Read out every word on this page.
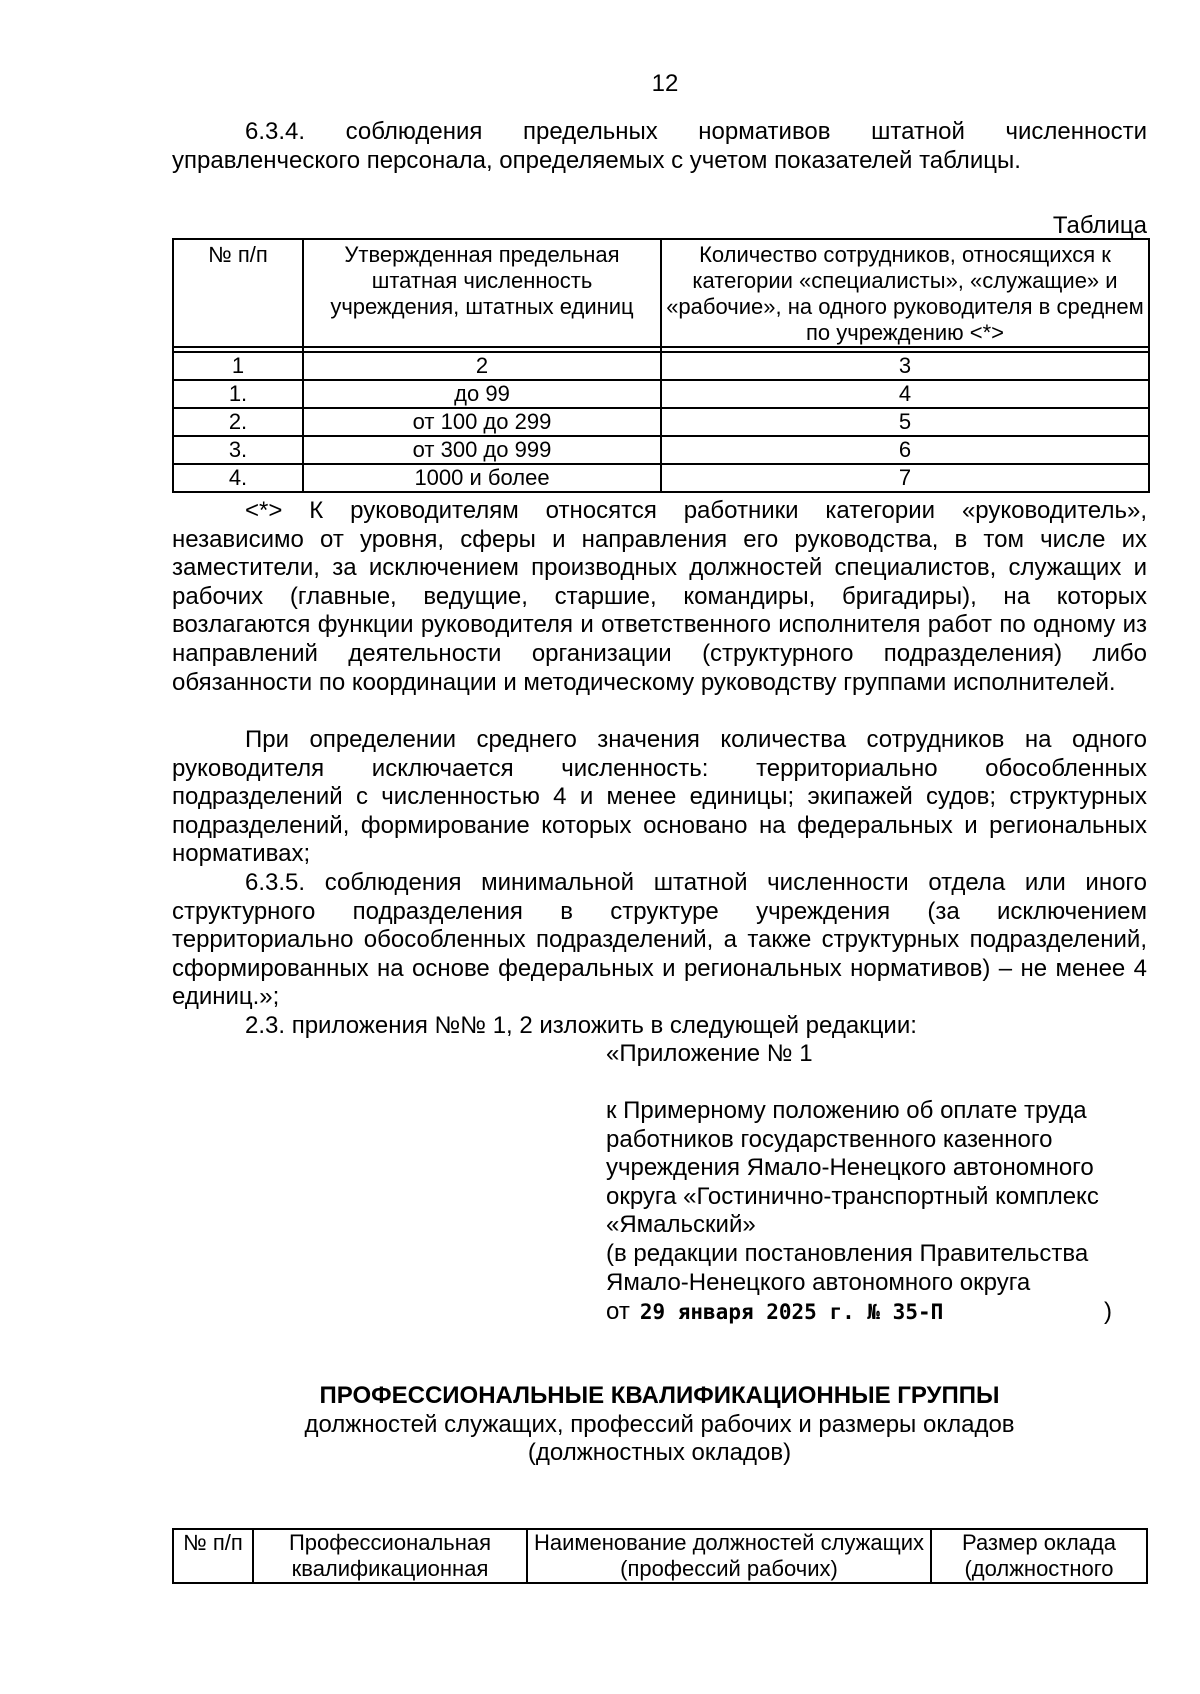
12

6.3.4. соблюдения предельных нормативов штатной численности управленческого персонала, определяемых с учетом показателей таблицы.

Таблица
№ п/п	Утвержденная предельная штатная численность учреждения, штатных единиц	Количество сотрудников, относящихся к категории «специалисты», «служащие» и «рабочие», на одного руководителя в среднем по учреждению <*>

1	2	3
1.	до 99	4
2.	от 100 до 299	5
3.	от 300 до 999	6
4.	1000 и более	7

<*> К руководителям относятся работники категории «руководитель», независимо от уровня, сферы и направления его руководства, в том числе их заместители, за исключением производных должностей специалистов, служащих и рабочих (главные, ведущие, старшие, командиры, бригадиры), на которых возлагаются функции руководителя и ответственного исполнителя работ по одному из направлений деятельности организации (структурного подразделения) либо обязанности по координации и методическому руководству группами исполнителей.

При определении среднего значения количества сотрудников на одного руководителя исключается численность: территориально обособленных подразделений с численностью 4 и менее единицы; экипажей судов; структурных подразделений, формирование которых основано на федеральных и региональных нормативах;

6.3.5. соблюдения минимальной штатной численности отдела или иного структурного подразделения в структуре учреждения (за исключением территориально обособленных подразделений, а также структурных подразделений, сформированных на основе федеральных и региональных нормативов) – не менее 4 единиц.»;

2.3. приложения №№ 1, 2 изложить в следующей редакции:

«Приложение № 1

к Примерному положению об оплате труда работников государственного казенного учреждения Ямало-Ненецкого автономного округа «Гостинично-транспортный комплекс «Ямальский»

(в редакции постановления Правительства Ямало-Ненецкого автономного округа

от 29 января 2025 г. № 35-П	)
ПРОФЕССИОНАЛЬНЫЕ КВАЛИФИКАЦИОННЫЕ ГРУППЫ
должностей служащих, профессий рабочих и размеры окладов
(должностных окладов)
№ п/п	Профессиональная квалификационная	Наименование должностей служащих (профессий рабочих)	Размер оклада (должностного
